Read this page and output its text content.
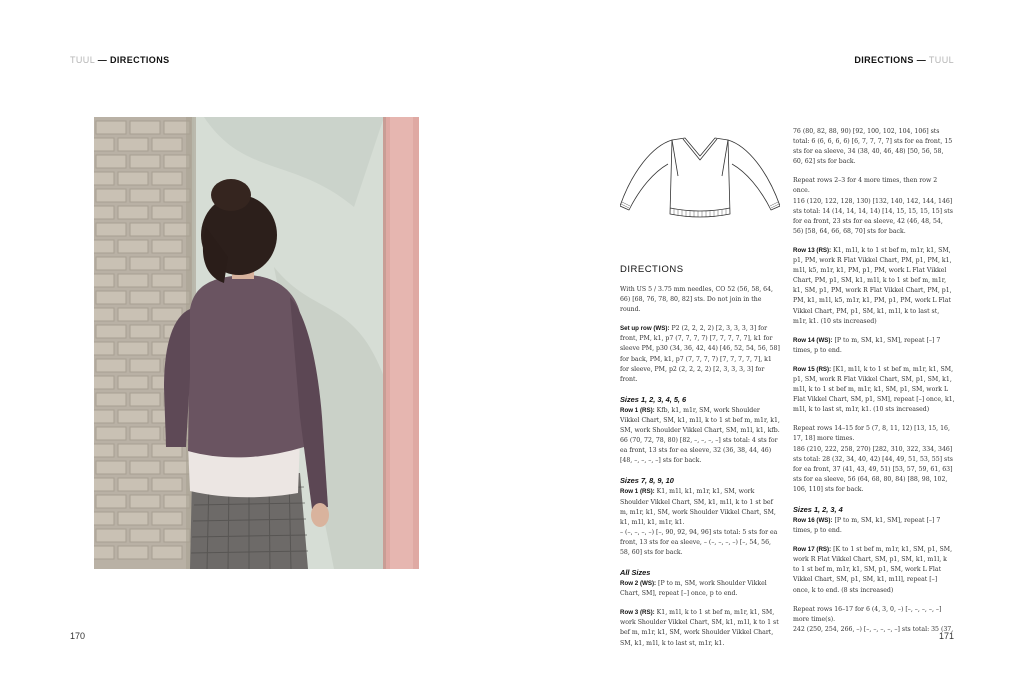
TUUL — DIRECTIONS
170
DIRECTIONS — TUUL
DIRECTIONS

With US 5 / 3.75 mm needles, CO 52 (56, 58, 64, 66) [68, 76, 78, 80, 82] sts. Do not join in the round.

Set up row (WS): P2 (2, 2, 2, 2) [2, 3, 3, 3, 3] for front, PM, k1, p7 (7, 7, 7, 7) [7, 7, 7, 7, 7], k1 for sleeve PM, p30 (34, 36, 42, 44) [46, 52, 54, 56, 58] for back, PM, k1, p7 (7, 7, 7, 7) [7, 7, 7, 7, 7], k1 for sleeve, PM, p2 (2, 2, 2, 2) [2, 3, 3, 3, 3] for front.

Sizes 1, 2, 3, 4, 5, 6

Row 1 (RS): Kfb, k1, m1r, SM, work Shoulder Vikkel Chart, SM, k1, m1l, k to 1 st bef m, m1r, k1, SM, work Shoulder Vikkel Chart, SM, m1l, k1, kfb.
66 (70, 72, 78, 80) [82, –, –, –, –] sts total: 4 sts for ea front, 13 sts for ea sleeve, 32 (36, 38, 44, 46) [48, –, –, –, –] sts for back.

Sizes 7, 8, 9, 10

Row 1 (RS): K1, m1l, k1, m1r, k1, SM, work Shoulder Vikkel Chart, SM, k1, m1l, k to 1 st bef m, m1r, k1, SM, work Shoulder Vikkel Chart, SM, k1, m1l, k1, m1r, k1.
– (–, –, –, –) [–, 90, 92, 94, 96] sts total: 5 sts for ea front, 13 sts for ea sleeve, – (–, –, –, –) [–, 54, 56, 58, 60] sts for back.

All Sizes

Row 2 (WS): [P to m, SM, work Shoulder Vikkel Chart, SM], repeat [–] once, p to end.

Row 3 (RS): K1, m1l, k to 1 st bef m, m1r, k1, SM, work Shoulder Vikkel Chart, SM, k1, m1l, k to 1 st bef m, m1r, k1, SM, work Shoulder Vikkel Chart, SM, k1, m1l, k to last st, m1r, k1.

76 (80, 82, 88, 90) [92, 100, 102, 104, 106] sts total: 6 (6, 6, 6, 6) [6, 7, 7, 7, 7] sts for ea front, 15 sts for ea sleeve, 34 (38, 40, 46, 48) [50, 56, 58, 60, 62] sts for back.

Repeat rows 2–3 for 4 more times, then row 2 once.
116 (120, 122, 128, 130) [132, 140, 142, 144, 146] sts total: 14 (14, 14, 14, 14) [14, 15, 15, 15, 15] sts for ea front, 23 sts for ea sleeve, 42 (46, 48, 54, 56) [58, 64, 66, 68, 70] sts for back.

Row 13 (RS): K1, m1l, k to 1 st bef m, m1r, k1, SM, p1, PM, work R Flat Vikkel Chart, PM, p1, PM, k1, m1l, k5, m1r, k1, PM, p1, PM, work L Flat Vikkel Chart, PM, p1, SM, k1, m1l, k to 1 st bef m, m1r, k1, SM, p1, PM, work R Flat Vikkel Chart, PM, p1, PM, k1, m1l, k5, m1r, k1, PM, p1, PM, work L Flat Vikkel Chart, PM, p1, SM, k1, m1l, k to last st, m1r, k1. (10 sts increased)

Row 14 (WS): [P to m, SM, k1, SM], repeat [–] 7 times, p to end.

Row 15 (RS): [K1, m1l, k to 1 st bef m, m1r, k1, SM, p1, SM, work R Flat Vikkel Chart, SM, p1, SM, k1, m1l, k to 1 st bef m, m1r, k1, SM, p1, SM, work L Flat Vikkel Chart, SM, p1, SM], repeat [–] once, k1, m1l, k to last st, m1r, k1. (10 sts increased)

Repeat rows 14–15 for 5 (7, 8, 11, 12) [13, 15, 16, 17, 18] more times.
186 (210, 222, 258, 270) [282, 310, 322, 334, 346] sts total: 28 (32, 34, 40, 42) [44, 49, 51, 53, 55] sts for ea front, 37 (41, 43, 49, 51) [53, 57, 59, 61, 63] sts for ea sleeve, 56 (64, 68, 80, 84) [88, 98, 102, 106, 110] sts for back.

Sizes 1, 2, 3, 4

Row 16 (WS): [P to m, SM, k1, SM], repeat [–] 7 times, p to end.

Row 17 (RS): [K to 1 st bef m, m1r, k1, SM, p1, SM, work R Flat Vikkel Chart, SM, p1, SM, k1, m1l, k to 1 st bef m, m1r, k1, SM, p1, SM, work L Flat Vikkel Chart, SM, p1, SM, k1, m1l], repeat [–] once, k to end. (8 sts increased)

Repeat rows 16–17 for 6 (4, 3, 0, –) [–, –, –, –, –] more time(s).
242 (250, 254, 266, –) [–, –, –, –, –] sts total: 35 (37,

171
